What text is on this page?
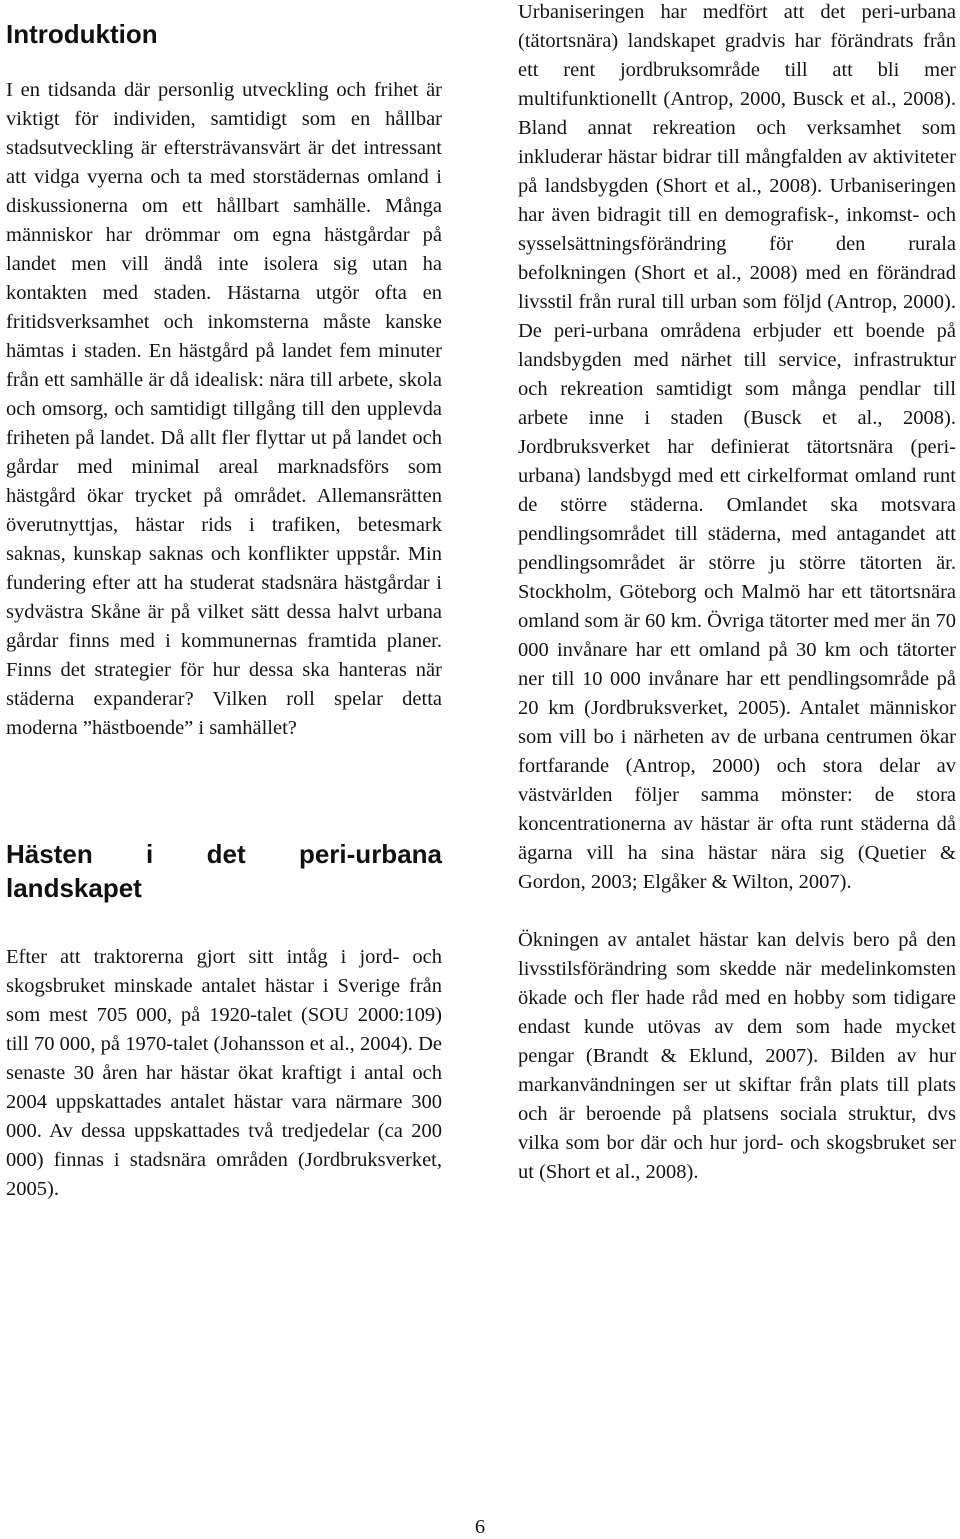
Introduktion

I en tidsanda där personlig utveckling och frihet är viktigt för individen, samtidigt som en hållbar stadsutveckling är eftersträvansvärt är det intressant att vidga vyerna och ta med storstädernas omland i diskussionerna om ett hållbart samhälle. Många människor har drömmar om egna hästgårdar på landet men vill ändå inte isolera sig utan ha kontakten med staden. Hästarna utgör ofta en fritidsverksamhet och inkomsterna måste kanske hämtas i staden. En hästgård på landet fem minuter från ett samhälle är då idealisk: nära till arbete, skola och omsorg, och samtidigt tillgång till den upplevda friheten på landet. Då allt fler flyttar ut på landet och gårdar med minimal areal marknadsförs som hästgård ökar trycket på området. Allemansrätten överutnyttjas, hästar rids i trafiken, betesmark saknas, kunskap saknas och konflikter uppstår. Min fundering efter att ha studerat stadsnära hästgårdar i sydvästra Skåne är på vilket sätt dessa halvt urbana gårdar finns med i kommunernas framtida planer. Finns det strategier för hur dessa ska hanteras när städerna expanderar? Vilken roll spelar detta moderna ”hästboende” i samhället?

Hästen i det peri-urbana landskapet

Efter att traktorerna gjort sitt intåg i jord- och skogsbruket minskade antalet hästar i Sverige från som mest 705 000, på 1920-talet (SOU 2000:109) till 70 000, på 1970-talet (Johansson et al., 2004). De senaste 30 åren har hästar ökat kraftigt i antal och 2004 uppskattades antalet hästar vara närmare 300 000. Av dessa uppskattades två tredjedelar (ca 200 000) finnas i stadsnära områden (Jordbruksverket, 2005).

Urbaniseringen har medfört att det peri-urbana (tätortsnära) landskapet gradvis har förändrats från ett rent jordbruksområde till att bli mer multifunktionellt (Antrop, 2000, Busck et al., 2008). Bland annat rekreation och verksamhet som inkluderar hästar bidrar till mångfalden av aktiviteter på landsbygden (Short et al., 2008). Urbaniseringen har även bidragit till en demografisk-, inkomst- och sysselsättningsförändring för den rurala befolkningen (Short et al., 2008) med en förändrad livsstil från rural till urban som följd (Antrop, 2000). De peri-urbana områdena erbjuder ett boende på landsbygden med närhet till service, infrastruktur och rekreation samtidigt som många pendlar till arbete inne i staden (Busck et al., 2008). Jordbruksverket har definierat tätortsnära (peri-urbana) landsbygd med ett cirkelformat omland runt de större städerna. Omlandet ska motsvara pendlingsområdet till städerna, med antagandet att pendlingsområdet är större ju större tätorten är. Stockholm, Göteborg och Malmö har ett tätortsnära omland som är 60 km. Övriga tätorter med mer än 70 000 invånare har ett omland på 30 km och tätorter ner till 10 000 invånare har ett pendlingsområde på 20 km (Jordbruksverket, 2005). Antalet människor som vill bo i närheten av de urbana centrumen ökar fortfarande (Antrop, 2000) och stora delar av västvärlden följer samma mönster: de stora koncentrationerna av hästar är ofta runt städerna då ägarna vill ha sina hästar nära sig (Quetier & Gordon, 2003; Elgåker & Wilton, 2007).

Ökningen av antalet hästar kan delvis bero på den livsstilsförändring som skedde när medelinkomsten ökade och fler hade råd med en hobby som tidigare endast kunde utövas av dem som hade mycket pengar (Brandt & Eklund, 2007). Bilden av hur markanvändningen ser ut skiftar från plats till plats och är beroende på platsens sociala struktur, dvs vilka som bor där och hur jord- och skogsbruket ser ut (Short et al., 2008).

6
